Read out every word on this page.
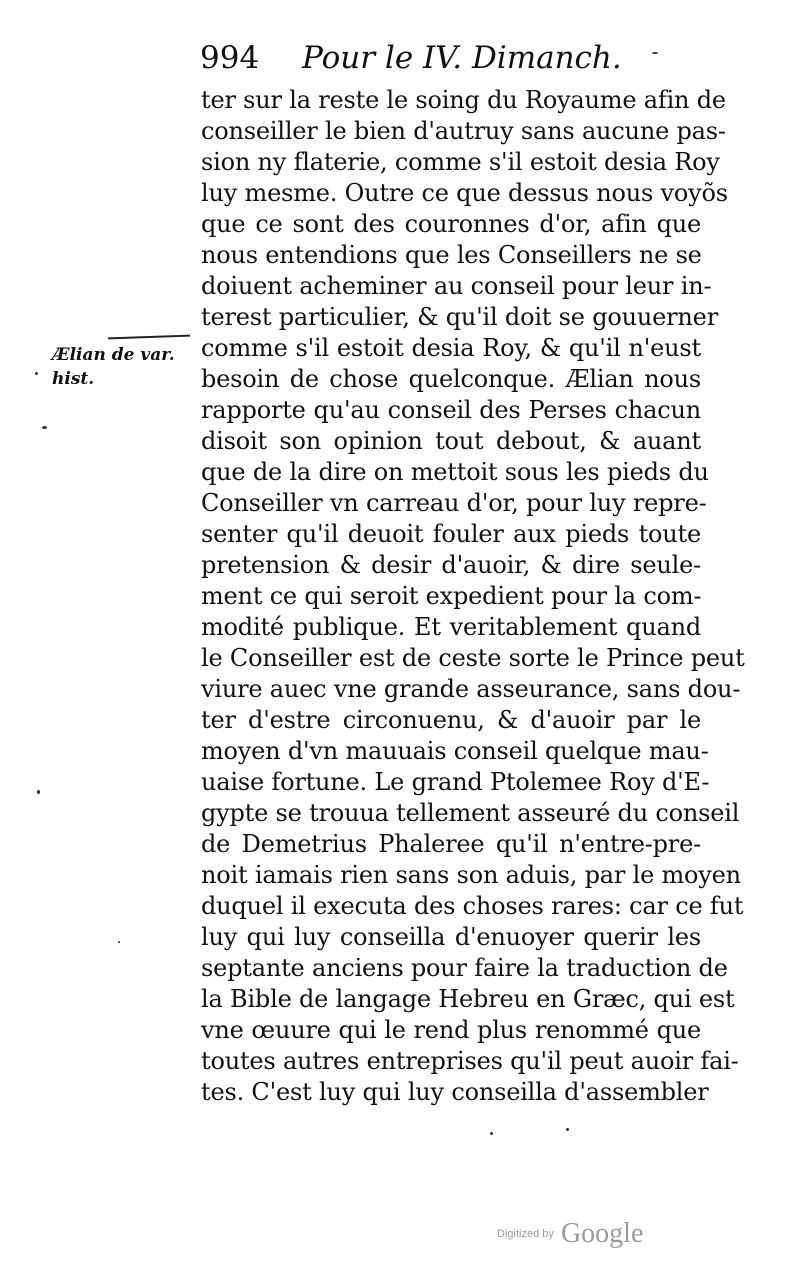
994 Pour le IV. Dimanch.
Ælian de var.
hist.
ter sur la reste le soing du Royaume afin de
conseiller le bien d'autruy sans aucune pas-
sion ny flaterie, comme s'il estoit desia Roy
luy mesme. Outre ce que dessus nous voyõs
que ce sont des couronnes d'or, afin que
nous entendions que les Conseillers ne se
doiuent acheminer au conseil pour leur in-
terest particulier, & qu'il doit se gouuerner
comme s'il estoit desia Roy, & qu'il n'eust
besoin de chose quelconque. Ælian nous
rapporte qu'au conseil des Perses chacun
disoit son opinion tout debout, & auant
que de la dire on mettoit sous les pieds du
Conseiller vn carreau d'or, pour luy repre-
senter qu'il deuoit fouler aux pieds toute
pretension & desir d'auoir, & dire seule-
ment ce qui seroit expedient pour la com-
modité publique. Et veritablement quand
le Conseiller est de ceste sorte le Prince peut
viure auec vne grande asseurance, sans dou-
ter d'estre circonuenu, & d'auoir par le
moyen d'vn mauuais conseil quelque mau-
uaise fortune. Le grand Ptolemee Roy d'E-
gypte se trouua tellement asseuré du conseil
de Demetrius Phaleree qu'il n'entre-pre-
noit iamais rien sans son aduis, par le moyen
duquel il executa des choses rares: car ce fut
luy qui luy conseilla d'enuoyer querir les
septante anciens pour faire la traduction de
la Bible de langage Hebreu en Græc, qui est
vne œuure qui le rend plus renommé que
toutes autres entreprises qu'il peut auoir fai-
tes. C'est luy qui luy conseilla d'assembler
Digitized by Google
